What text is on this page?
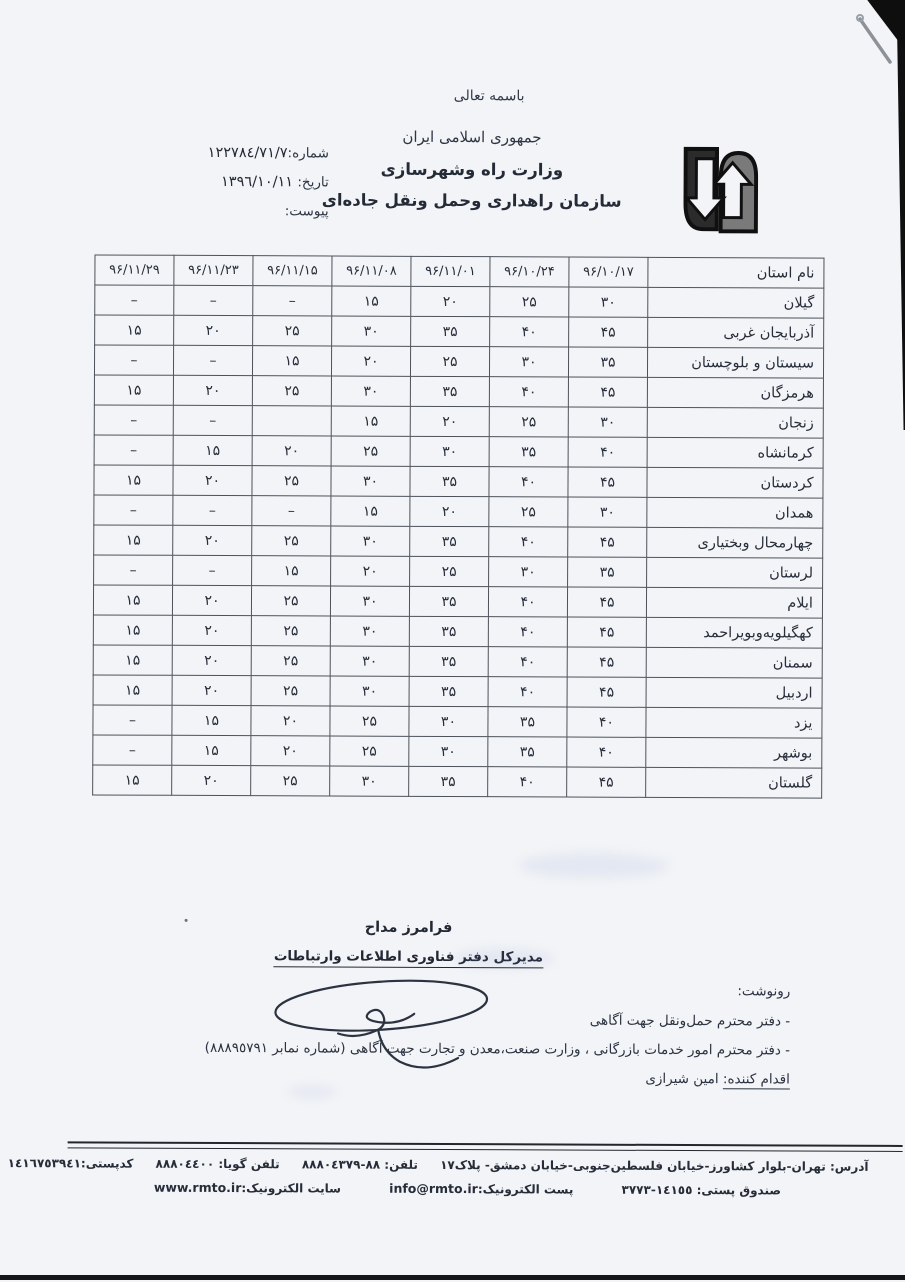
باسمه تعالی
جمهوری اسلامی ایران
وزارت راه وشهرسازی
سازمان راهداری وحمل ونقل جاده‌ای
شماره:١٢٢٧٨٤/٧١/٧
تاریخ: ١٣٩٦/١٠/١١
پیوست:
نام استان	۹۶/۱۰/۱۷	۹۶/۱۰/۲۴	۹۶/۱۱/۰۱	۹۶/۱۱/۰۸	۹۶/۱۱/۱۵	۹۶/۱۱/۲۳	۹۶/۱۱/۲۹
گیلان	۳۰	۲۵	۲۰	۱۵	–	–	–
آذربایجان غربی	۴۵	۴۰	۳۵	۳۰	۲۵	۲۰	۱۵
سیستان و بلوچستان	۳۵	۳۰	۲۵	۲۰	۱۵	–	–
هرمزگان	۴۵	۴۰	۳۵	۳۰	۲۵	۲۰	۱۵
زنجان	۳۰	۲۵	۲۰	۱۵		–	–
کرمانشاه	۴۰	۳۵	۳۰	۲۵	۲۰	۱۵	–
کردستان	۴۵	۴۰	۳۵	۳۰	۲۵	۲۰	۱۵
همدان	۳۰	۲۵	۲۰	۱۵	–	–	–
چهارمحال وبختیاری	۴۵	۴۰	۳۵	۳۰	۲۵	۲۰	۱۵
لرستان	۳۵	۳۰	۲۵	۲۰	۱۵	–	–
ایلام	۴۵	۴۰	۳۵	۳۰	۲۵	۲۰	۱۵
کهگیلویه‌وبویراحمد	۴۵	۴۰	۳۵	۳۰	۲۵	۲۰	۱۵
سمنان	۴۵	۴۰	۳۵	۳۰	۲۵	۲۰	۱۵
اردبیل	۴۵	۴۰	۳۵	۳۰	۲۵	۲۰	۱۵
یزد	۴۰	۳۵	۳۰	۲۵	۲۰	۱۵	–
بوشهر	۴۰	۳۵	۳۰	۲۵	۲۰	۱۵	–
گلستان	۴۵	۴۰	۳۵	۳۰	۲۵	۲۰	۱۵
فرامرز مداح
مدیرکل دفتر فناوری اطلاعات وارتباطات
رونوشت:
- دفتر محترم حمل‌ونقل جهت آگاهی
- دفتر محترم امور خدمات بازرگانی ، وزارت صنعت،معدن و تجارت جهت آگاهی (شماره نمابر ٨٨٨٩٥٧٩١)
اقدام کننده: امین شیرازی
آدرس: تهران-بلوار کشاورز-خیابان فلسطین‌جنوبی-خیابان دمشق- پلاک١٧ تلفن: ٨٨-٨٨٨٠٤٣٧٩ تلفن گویا: ٨٨٨٠٤٤٠٠ کدپستی:١٤١٦٧٥٣٩٤١
صندوق پستی: ١٤١٥٥-٣٧٧٣ پست الکترونیک:info@rmto.ir سایت الکترونیک:www.rmto.ir
